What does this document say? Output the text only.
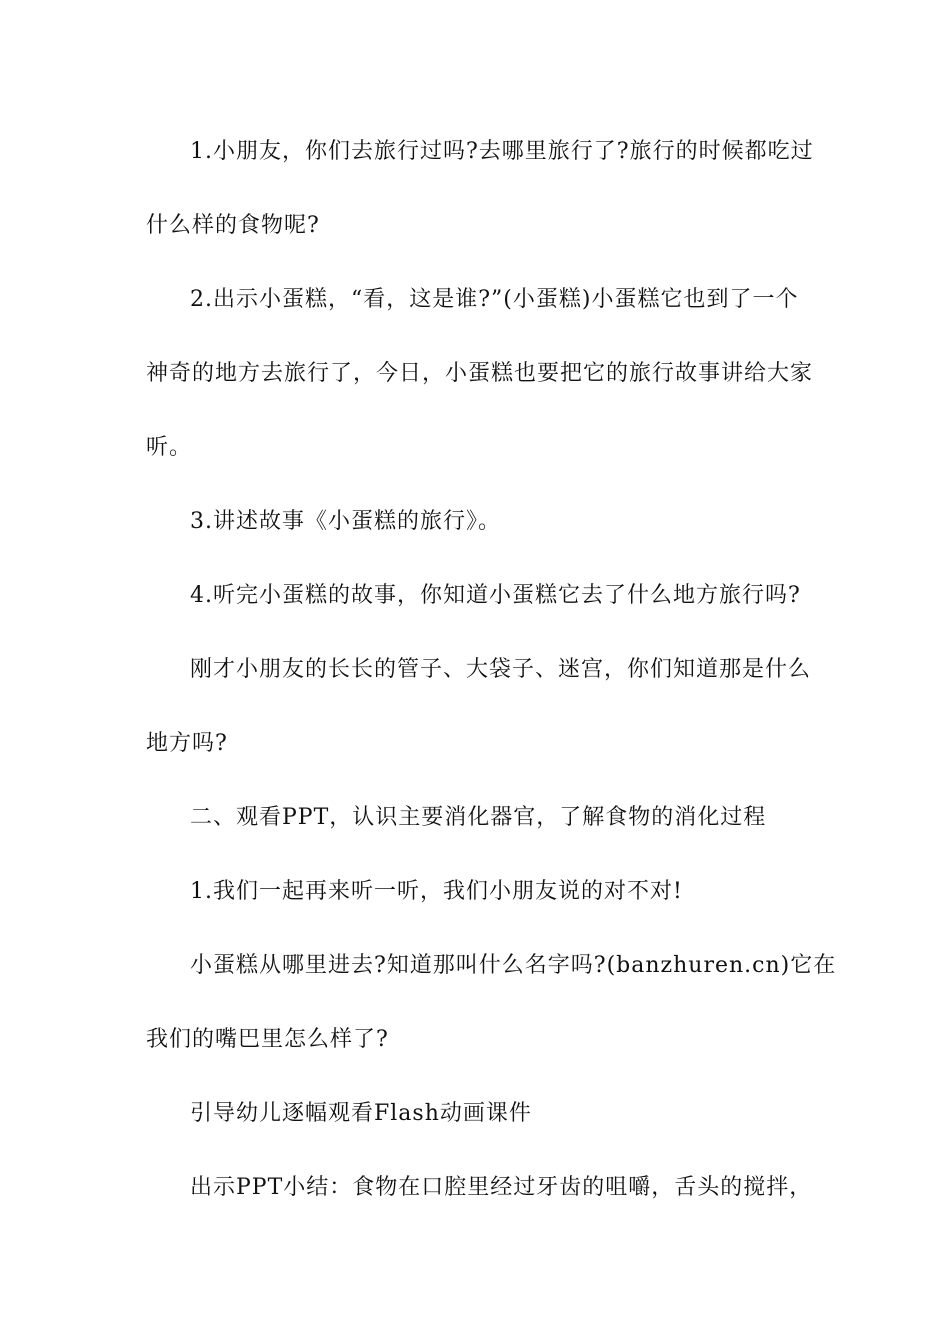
1.小朋友，你们去旅行过吗?去哪里旅行了?旅行的时候都吃过
什么样的食物呢?
2.出示小蛋糕，“看，这是谁?”(小蛋糕)小蛋糕它也到了一个
神奇的地方去旅行了，今日，小蛋糕也要把它的旅行故事讲给大家
听。
3.讲述故事《小蛋糕的旅行》。
4.听完小蛋糕的故事，你知道小蛋糕它去了什么地方旅行吗?
刚才小朋友的长长的管子、大袋子、迷宫，你们知道那是什么
地方吗?
二、观看PPT，认识主要消化器官，了解食物的消化过程
1.我们一起再来听一听，我们小朋友说的对不对!
小蛋糕从哪里进去?知道那叫什么名字吗?(banzhuren.cn)它在
我们的嘴巴里怎么样了?
引导幼儿逐幅观看Flash动画课件
出示PPT小结：食物在口腔里经过牙齿的咀嚼，舌头的搅拌，
